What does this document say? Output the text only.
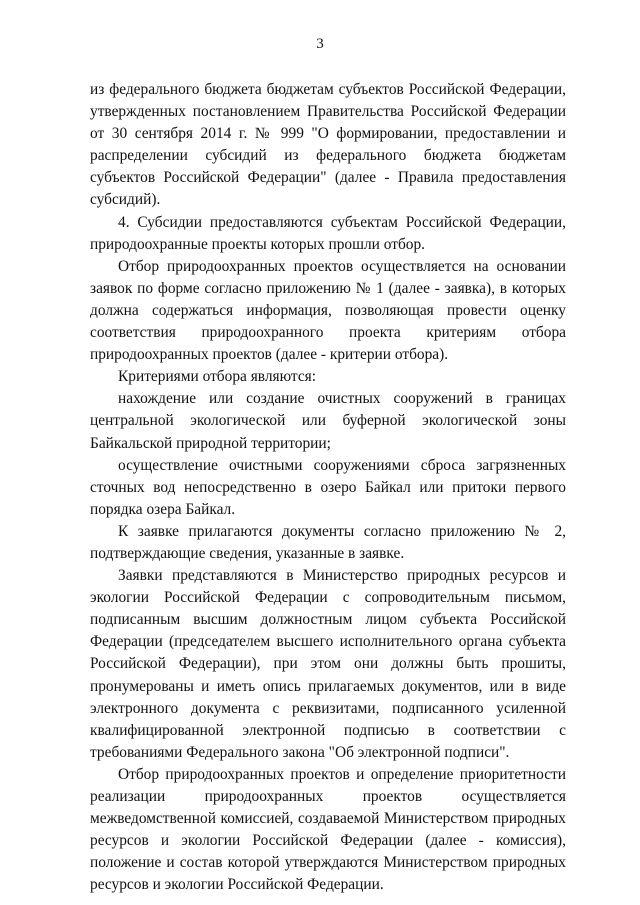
3

из федерального бюджета бюджетам субъектов Российской Федерации, утвержденных постановлением Правительства Российской Федерации от 30 сентября 2014 г. № 999 "О формировании, предоставлении и распределении субсидий из федерального бюджета бюджетам субъектов Российской Федерации" (далее - Правила предоставления субсидий).

4. Субсидии предоставляются субъектам Российской Федерации, природоохранные проекты которых прошли отбор.

Отбор природоохранных проектов осуществляется на основании заявок по форме согласно приложению № 1 (далее - заявка), в которых должна содержаться информация, позволяющая провести оценку соответствия природоохранного проекта критериям отбора природоохранных проектов (далее - критерии отбора).

Критериями отбора являются:

нахождение или создание очистных сооружений в границах центральной экологической или буферной экологической зоны Байкальской природной территории;

осуществление очистными сооружениями сброса загрязненных сточных вод непосредственно в озеро Байкал или притоки первого порядка озера Байкал.

К заявке прилагаются документы согласно приложению № 2, подтверждающие сведения, указанные в заявке.

Заявки представляются в Министерство природных ресурсов и экологии Российской Федерации с сопроводительным письмом, подписанным высшим должностным лицом субъекта Российской Федерации (председателем высшего исполнительного органа субъекта Российской Федерации), при этом они должны быть прошиты, пронумерованы и иметь опись прилагаемых документов, или в виде электронного документа с реквизитами, подписанного усиленной квалифицированной электронной подписью в соответствии с требованиями Федерального закона "Об электронной подписи".

Отбор природоохранных проектов и определение приоритетности реализации природоохранных проектов осуществляется межведомственной комиссией, создаваемой Министерством природных ресурсов и экологии Российской Федерации (далее - комиссия), положение и состав которой утверждаются Министерством природных ресурсов и экологии Российской Федерации.
